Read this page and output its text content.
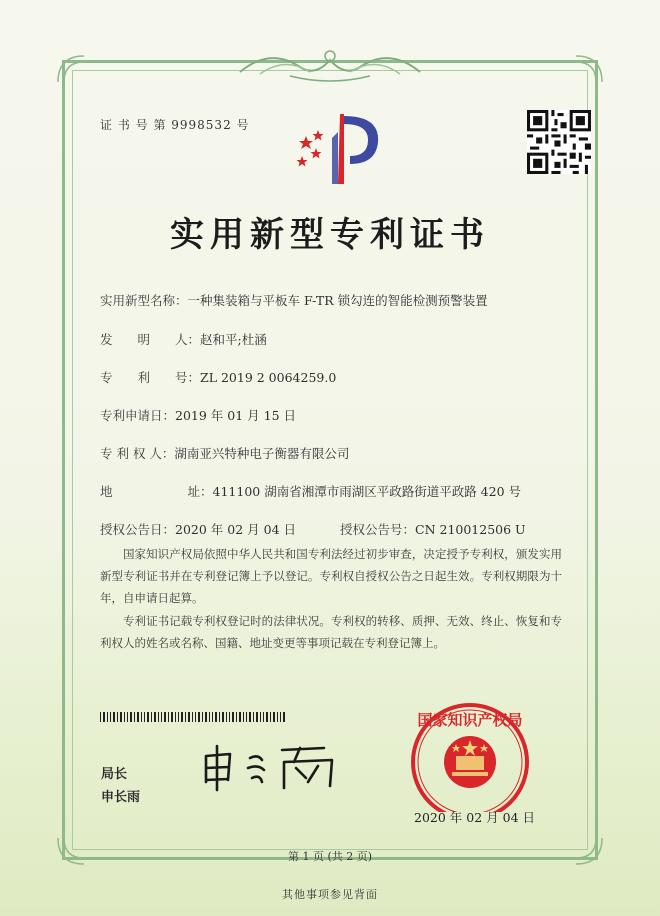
证 书 号 第 9998532 号
实用新型专利证书
实用新型名称：一种集装箱与平板车 F-TR 锁勾连的智能检测预警装置
发　　明　　人：赵和平;杜涵
专　　利　　号：ZL 2019 2 0064259.0
专利申请日：2019 年 01 月 15 日
专 利 权 人：湖南亚兴特种电子衡器有限公司
地　　　　　　址：411100 湖南省湘潭市雨湖区平政路街道平政路 420 号
授权公告日：2020 年 02 月 04 日	授权公告号：CN 210012506 U
国家知识产权局依照中华人民共和国专利法经过初步审查，决定授予专利权，颁发实用新型专利证书并在专利登记簿上予以登记。专利权自授权公告之日起生效。专利权期限为十年，自申请日起算。
专利证书记载专利权登记时的法律状况。专利权的转移、质押、无效、终止、恢复和专利权人的姓名或名称、国籍、地址变更等事项记载在专利登记簿上。
局长
申长雨
国家知识产权局
2020 年 02 月 04 日
第 1 页 (共 2 页)
其他事项参见背面
